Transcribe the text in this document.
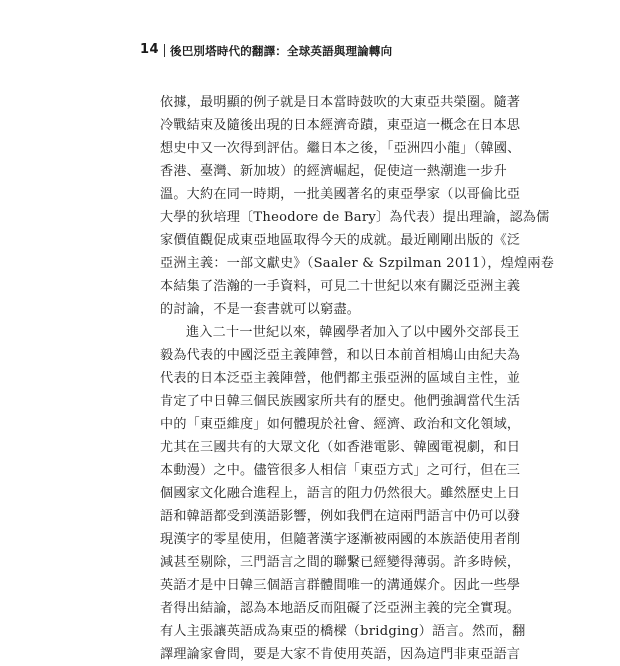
14 後巴別塔時代的翻譯：全球英語與理論轉向
依據，最明顯的例子就是日本當時鼓吹的大東亞共榮圈。隨著
冷戰結束及隨後出現的日本經濟奇蹟，東亞這一概念在日本思
想史中又一次得到評估。繼日本之後，「亞洲四小龍」（韓國、
香港、臺灣、新加坡）的經濟崛起，促使這一熱潮進一步升
溫。大約在同一時期，一批美國著名的東亞學家（以哥倫比亞
大學的狄培理〔Theodore de Bary〕為代表）提出理論，認為儒
家價值觀促成東亞地區取得今天的成就。最近剛剛出版的《泛
亞洲主義：一部文獻史》（Saaler & Szpilman 2011），煌煌兩卷
本結集了浩瀚的一手資料，可見二十世紀以來有關泛亞洲主義
的討論，不是一套書就可以窮盡。
進入二十一世紀以來，韓國學者加入了以中國外交部長王
毅為代表的中國泛亞主義陣營，和以日本前首相鳩山由紀夫為
代表的日本泛亞主義陣營，他們都主張亞洲的區域自主性，並
肯定了中日韓三個民族國家所共有的歷史。他們強調當代生活
中的「東亞維度」如何體現於社會、經濟、政治和文化領域，
尤其在三國共有的大眾文化（如香港電影、韓國電視劇，和日
本動漫）之中。儘管很多人相信「東亞方式」之可行，但在三
個國家文化融合進程上，語言的阻力仍然很大。雖然歷史上日
語和韓語都受到漢語影響，例如我們在這兩門語言中仍可以發
現漢字的零星使用，但隨著漢字逐漸被兩國的本族語使用者削
減甚至剔除，三門語言之間的聯繫已經變得薄弱。許多時候，
英語才是中日韓三個語言群體間唯一的溝通媒介。因此一些學
者得出結論，認為本地語反而阻礙了泛亞洲主義的完全實現。
有人主張讓英語成為東亞的橋樑（bridging）語言。然而，翻
譯理論家會問，要是大家不肯使用英語，因為這門非東亞語言
